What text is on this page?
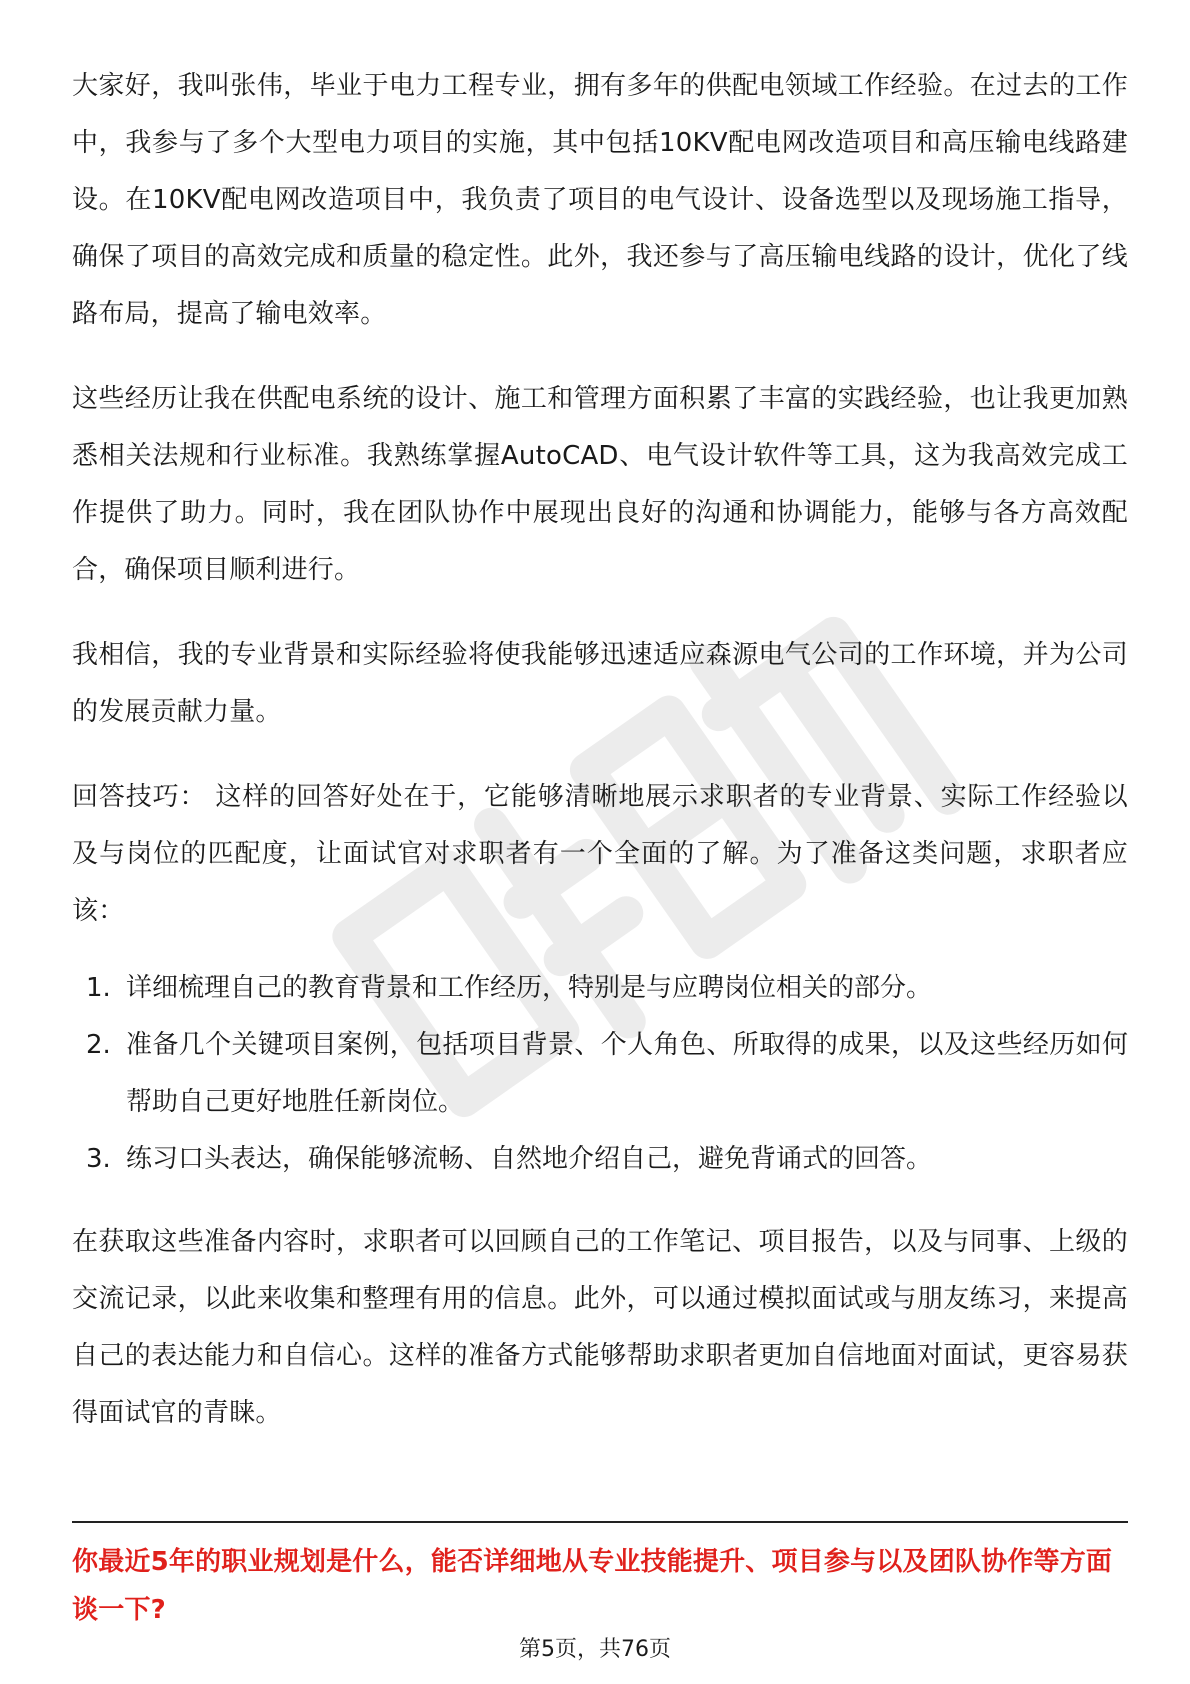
大家好，我叫张伟，毕业于电力工程专业，拥有多年的供配电领域工作经验。在过去的工作中，我参与了多个大型电力项目的实施，其中包括10KV配电网改造项目和高压输电线路建设。在10KV配电网改造项目中，我负责了项目的电气设计、设备选型以及现场施工指导，确保了项目的高效完成和质量的稳定性。此外，我还参与了高压输电线路的设计，优化了线路布局，提高了输电效率。

这些经历让我在供配电系统的设计、施工和管理方面积累了丰富的实践经验，也让我更加熟悉相关法规和行业标准。我熟练掌握AutoCAD、电气设计软件等工具，这为我高效完成工作提供了助力。同时，我在团队协作中展现出良好的沟通和协调能力，能够与各方高效配合，确保项目顺利进行。

我相信，我的专业背景和实际经验将使我能够迅速适应森源电气公司的工作环境，并为公司的发展贡献力量。

回答技巧： 这样的回答好处在于，它能够清晰地展示求职者的专业背景、实际工作经验以及与岗位的匹配度，让面试官对求职者有一个全面的了解。为了准备这类问题，求职者应该：

1. 详细梳理自己的教育背景和工作经历，特别是与应聘岗位相关的部分。
2. 准备几个关键项目案例，包括项目背景、个人角色、所取得的成果，以及这些经历如何帮助自己更好地胜任新岗位。
3. 练习口头表达，确保能够流畅、自然地介绍自己，避免背诵式的回答。

在获取这些准备内容时，求职者可以回顾自己的工作笔记、项目报告，以及与同事、上级的交流记录，以此来收集和整理有用的信息。此外，可以通过模拟面试或与朋友练习，来提高自己的表达能力和自信心。这样的准备方式能够帮助求职者更加自信地面对面试，更容易获得面试官的青睐。

你最近5年的职业规划是什么，能否详细地从专业技能提升、项目参与以及团队协作等方面谈一下?

第5页，共76页
